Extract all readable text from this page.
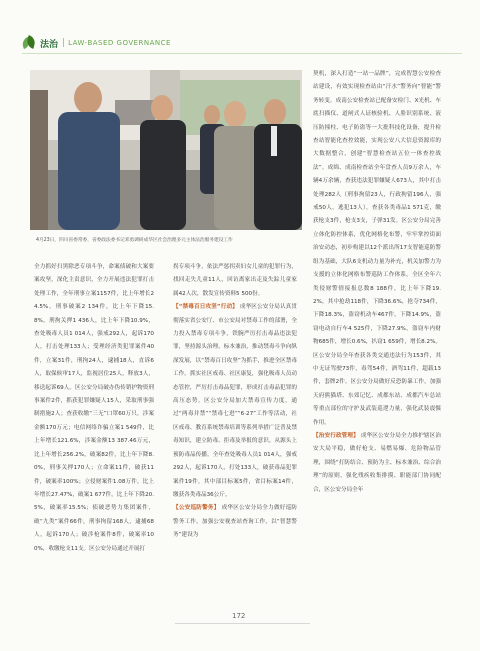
法治 | LAW-BASED GOVERNANCE
4月23日，四川省委常委、省委政法委书记邓勇调研成华区社会治理多元主体法治服务建设工作
全力抓好扫黑除恶专项斗争，命案侦破和大案要案攻坚，深化主责意识，全力开展违法犯罪打击处理工作，全年刑事立案1157件，比上年增长24.5%。刑事破案2 134件，比上年下降15.8%，刑拘关押1 436人，比上年下降10.9%，查处吸毒人员1 014人，强戒292人，起诉170人，打击处理133人；受理经济类犯罪案件40件，立案31件，刑拘24人，逮捕18人，直诉6人，取保候审17人，监视居住25人，释放3人，移送起诉69人。区公安分局破办伪传销护物资刑事案件2件，抓获犯罪嫌疑人15人，采取刑事强制措施2人；查获收缴“三无”口罩60万只，涉案金额170万元；电信网络诈骗立案1 549件，比上年增长121.6%，涉案金额13 387.46万元，比上年增长256.2%，破案82件，比上年下降8.0%，刑事关押170人；立命案11件，破获11件，破案率100%；立侵财案件1.08万件，比上年增长27.47%，破案1 677件，比上年下降20.5%，破案率15.5%；侦破恶势力集团案件，破“九类”案件66件，刑事拘留168人，逮捕68人，起诉170人；破涉枪案件8件，破案率100%，收缴枪支11支。区公安分局通过开展打
拐专项斗争，依法严惩拐卖妇女儿童的犯罪行为，找回走失儿童11人，回访离家出走及失踪儿童家属42人次，散发宣传资料5 500份。
【“禁毒百日攻坚”行动】 成华区公安分局认真贯彻落实省公安厅、市公安局对禁毒工作的部署，全力投入禁毒专项斗争，铁腕严厉打击毒品违法犯罪，坚持源头治理、标本兼治，推动禁毒斗争向纵深发展，以“禁毒百日攻坚”为抓手，推进全区禁毒工作。抓实社区戒毒、社区康复，强化吸毒人员动态管控，严厉打击毒品犯罪，形成打击毒品犯罪的高压态势。区公安分局加大禁毒宣传力度，通过“两毒并禁”“禁毒七进”“6·27”工作等活动，社区戒毒、教育系统禁毒培训等系列举措广泛普及禁毒知识，建立防毒、拒毒及举报的意识。从源头上预防毒品传播。全年查处吸毒人员1 014人，强戒292人，起诉170人，打处133人，破获毒品犯罪案件19件，其中部目标案5件，省目标案14件，缴获各类毒品36公斤。
【公安巡防警务】 成华区公安分局全力做好巡防警务工作，加强公安视查站查询工作，以“智慧警务”建设为
契机，深入打造“一站一品牌”，完成智慧公安检查站建设，有效实现检查站由“汗水”警务向“智能”警务转变。成南公安检查站已配备安检门、X光机、车底扫描仪、道闸式人证核验机、人脸识别系统、液压防撞柱、电子防盗等一大批科技化设备，提升检查站智能化查控效能，实现公安八大信息资源库的大数据整合，创建“智慧检查站五位一体查控战法”。成绵、成南检查站全年盘查人员9万余人，车辆4万余辆，查获违法犯罪嫌疑人673人，其中打击处理282人（刑事拘留23人，行政拘留196人，强戒50人，逃犯13人），查获各类毒品1 571克，缴获枪支3件，枪支3支，子弹31发。区公安分局完善立体化防控体系，优化网格化布警，牢牢掌控街面治安动态，初步构建以12个派出所17支智能巡防警组为基础，大队6支机动力量为补充，机关加警力为支援的立体化网格布警巡防工作体系。全区全年六类侵财警情接报总数8 188件，比上年下降19.2%，其中抢劫118件，下降36.6%，抢夺734件，下降18.3%，盗窃机动车467件，下降14.9%，盗窃电动自行车4 525件，下降27.9%，盗窃车内财物685件，增长0.6%，扒窃1 659件，增长8.2%。区公安分局全年查获各类交通违法行为153件，其中无证驾驶73件，毒驾54件，酒驾11件，超载13件，套牌2件。区公安分局做好反恐防暴工作，加强天府熊猫塔、东郊记忆、成都东站、成都汽车总站等重点部位的守护及武装巡逻力量，强化武装震慑作用。
【治安行政管理】 成华区公安分局全力推护辖区治安大局平稳，做好枪支、易燃易爆、危险物品管理，围绕“打防结合、预防为主、标本兼治、综合治理”的原则，强化残疾收集排摸、职能部门协同配合，区公安分局全年
172
